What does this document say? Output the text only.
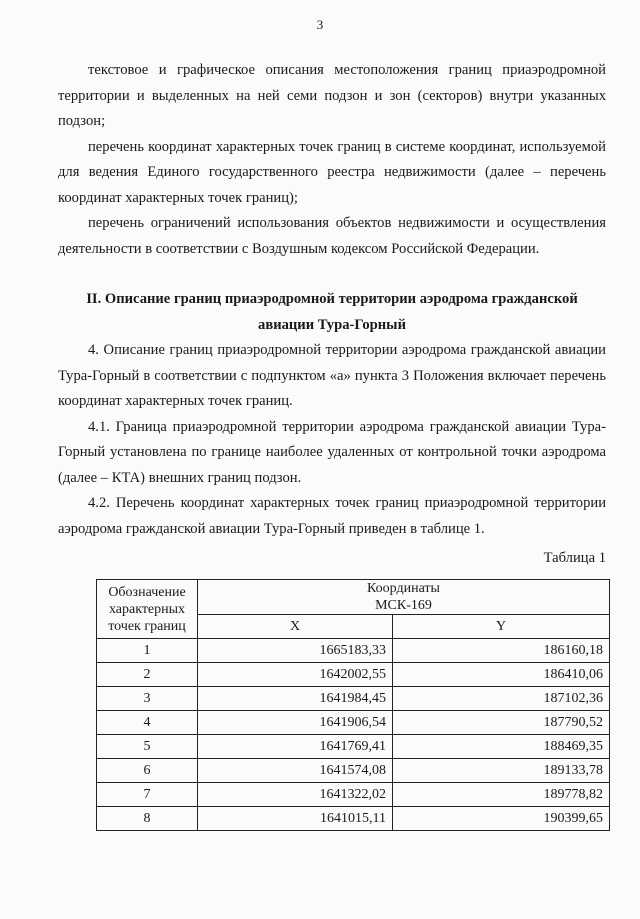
3

текстовое и графическое описания местоположения границ приаэродромной территории и выделенных на ней семи подзон и зон (секторов) внутри указанных подзон;

перечень координат характерных точек границ в системе координат, используемой для ведения Единого государственного реестра недвижимости (далее – перечень координат характерных точек границ);

перечень ограничений использования объектов недвижимости и осуществления деятельности в соответствии с Воздушным кодексом Российской Федерации.

II. Описание границ приаэродромной территории аэродрома гражданской авиации Тура-Горный

4. Описание границ приаэродромной территории аэродрома гражданской авиации Тура-Горный в соответствии с подпунктом «а» пункта 3 Положения включает перечень координат характерных точек границ.

4.1. Граница приаэродромной территории аэродрома гражданской авиации Тура-Горный установлена по границе наиболее удаленных от контрольной точки аэродрома (далее – КТА) внешних границ подзон.

4.2. Перечень координат характерных точек границ приаэродромной территории аэродрома гражданской авиации Тура-Горный приведен в таблице 1.

Таблица 1
Обозначение характерных точек границ	Координаты
МСК-169	

	X	Y
1	1665183,33	186160,18
2	1642002,55	186410,06
3	1641984,45	187102,36
4	1641906,54	187790,52
5	1641769,41	188469,35
6	1641574,08	189133,78
7	1641322,02	189778,82
8	1641015,11	190399,65
